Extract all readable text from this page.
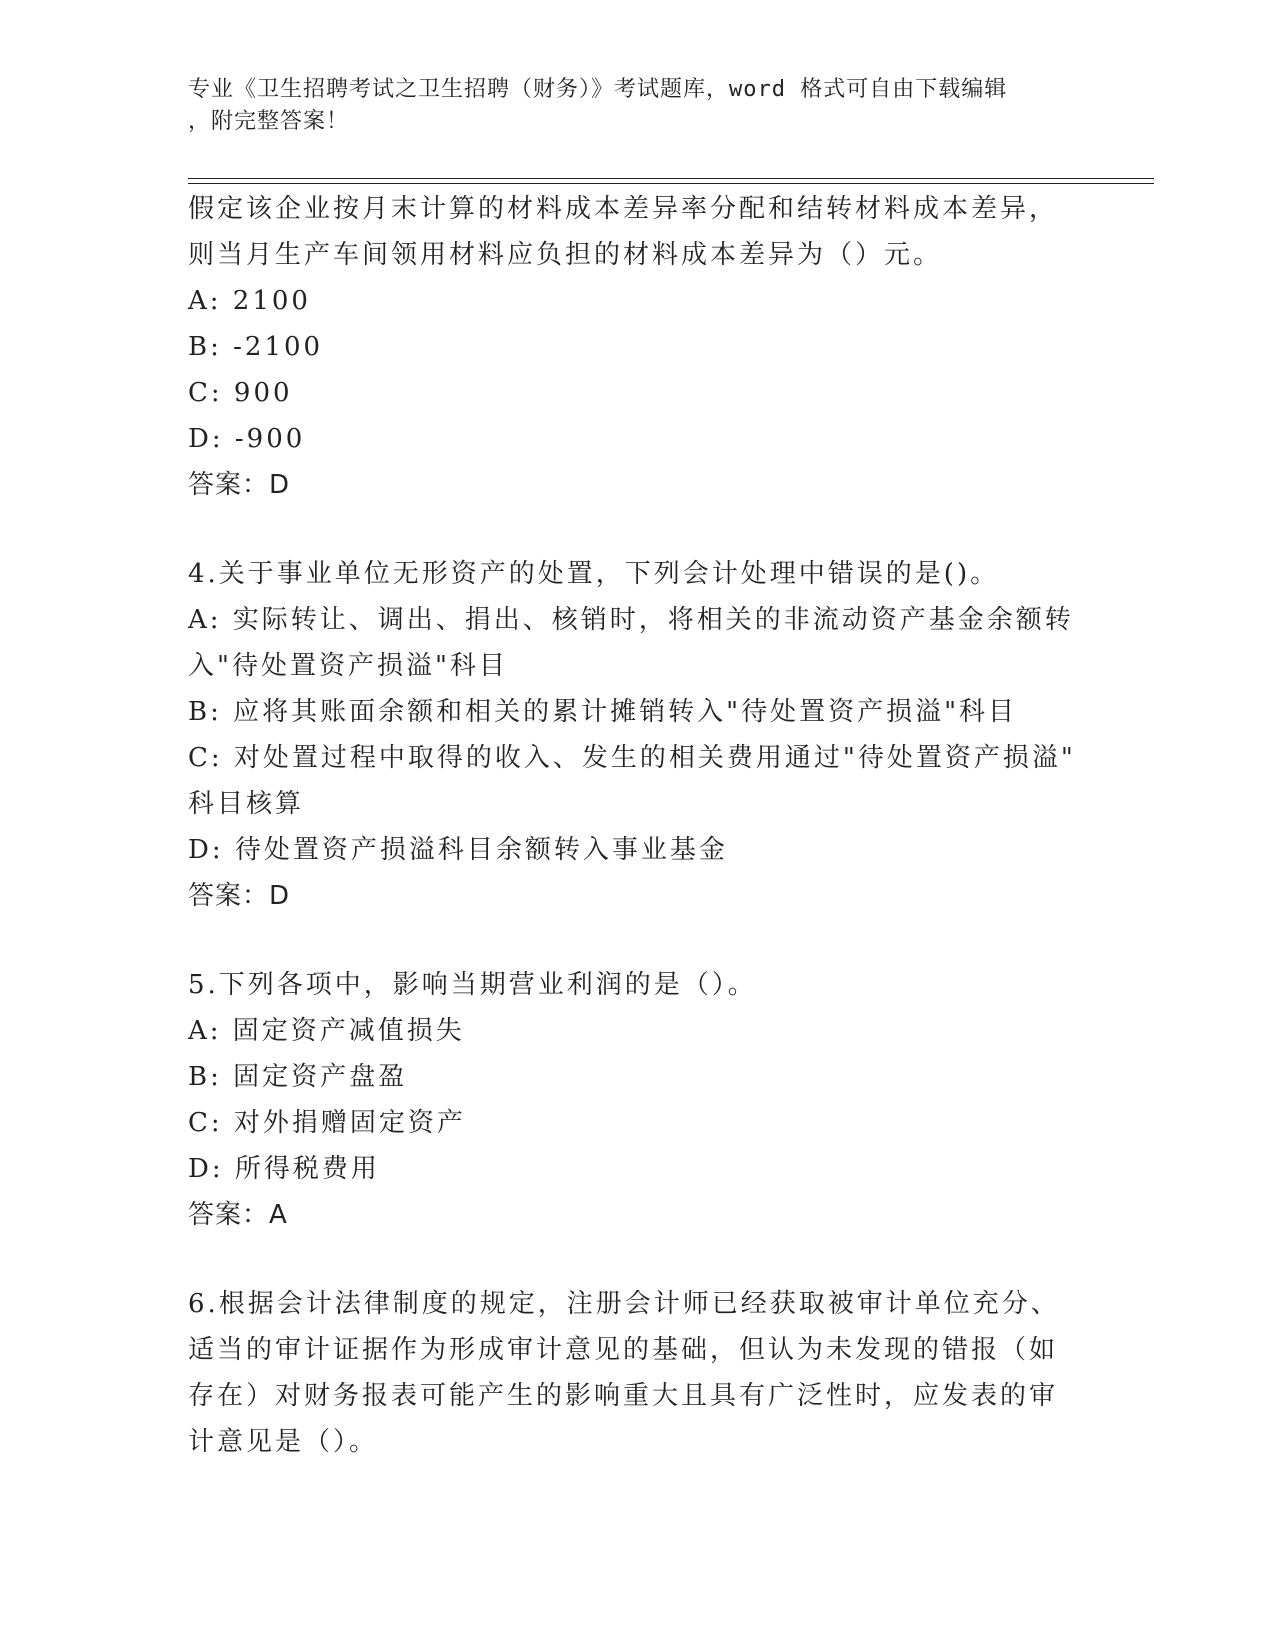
专业《卫生招聘考试之卫生招聘（财务）》考试题库，word 格式可自由下载编辑
，附完整答案！
假定该企业按月末计算的材料成本差异率分配和结转材料成本差异，
则当月生产车间领用材料应负担的材料成本差异为（）元。
A: 2100
B: -2100
C: 900
D: -900
答案：D
4.关于事业单位无形资产的处置，下列会计处理中错误的是()。
A: 实际转让、调出、捐出、核销时，将相关的非流动资产基金余额转
入"待处置资产损溢"科目
B: 应将其账面余额和相关的累计摊销转入"待处置资产损溢"科目
C: 对处置过程中取得的收入、发生的相关费用通过"待处置资产损溢"
科目核算
D: 待处置资产损溢科目余额转入事业基金
答案：D
5.下列各项中，影响当期营业利润的是（）。
A: 固定资产减值损失
B: 固定资产盘盈
C: 对外捐赠固定资产
D: 所得税费用
答案：A
6.根据会计法律制度的规定，注册会计师已经获取被审计单位充分、
适当的审计证据作为形成审计意见的基础，但认为未发现的错报（如
存在）对财务报表可能产生的影响重大且具有广泛性时，应发表的审
计意见是（）。
